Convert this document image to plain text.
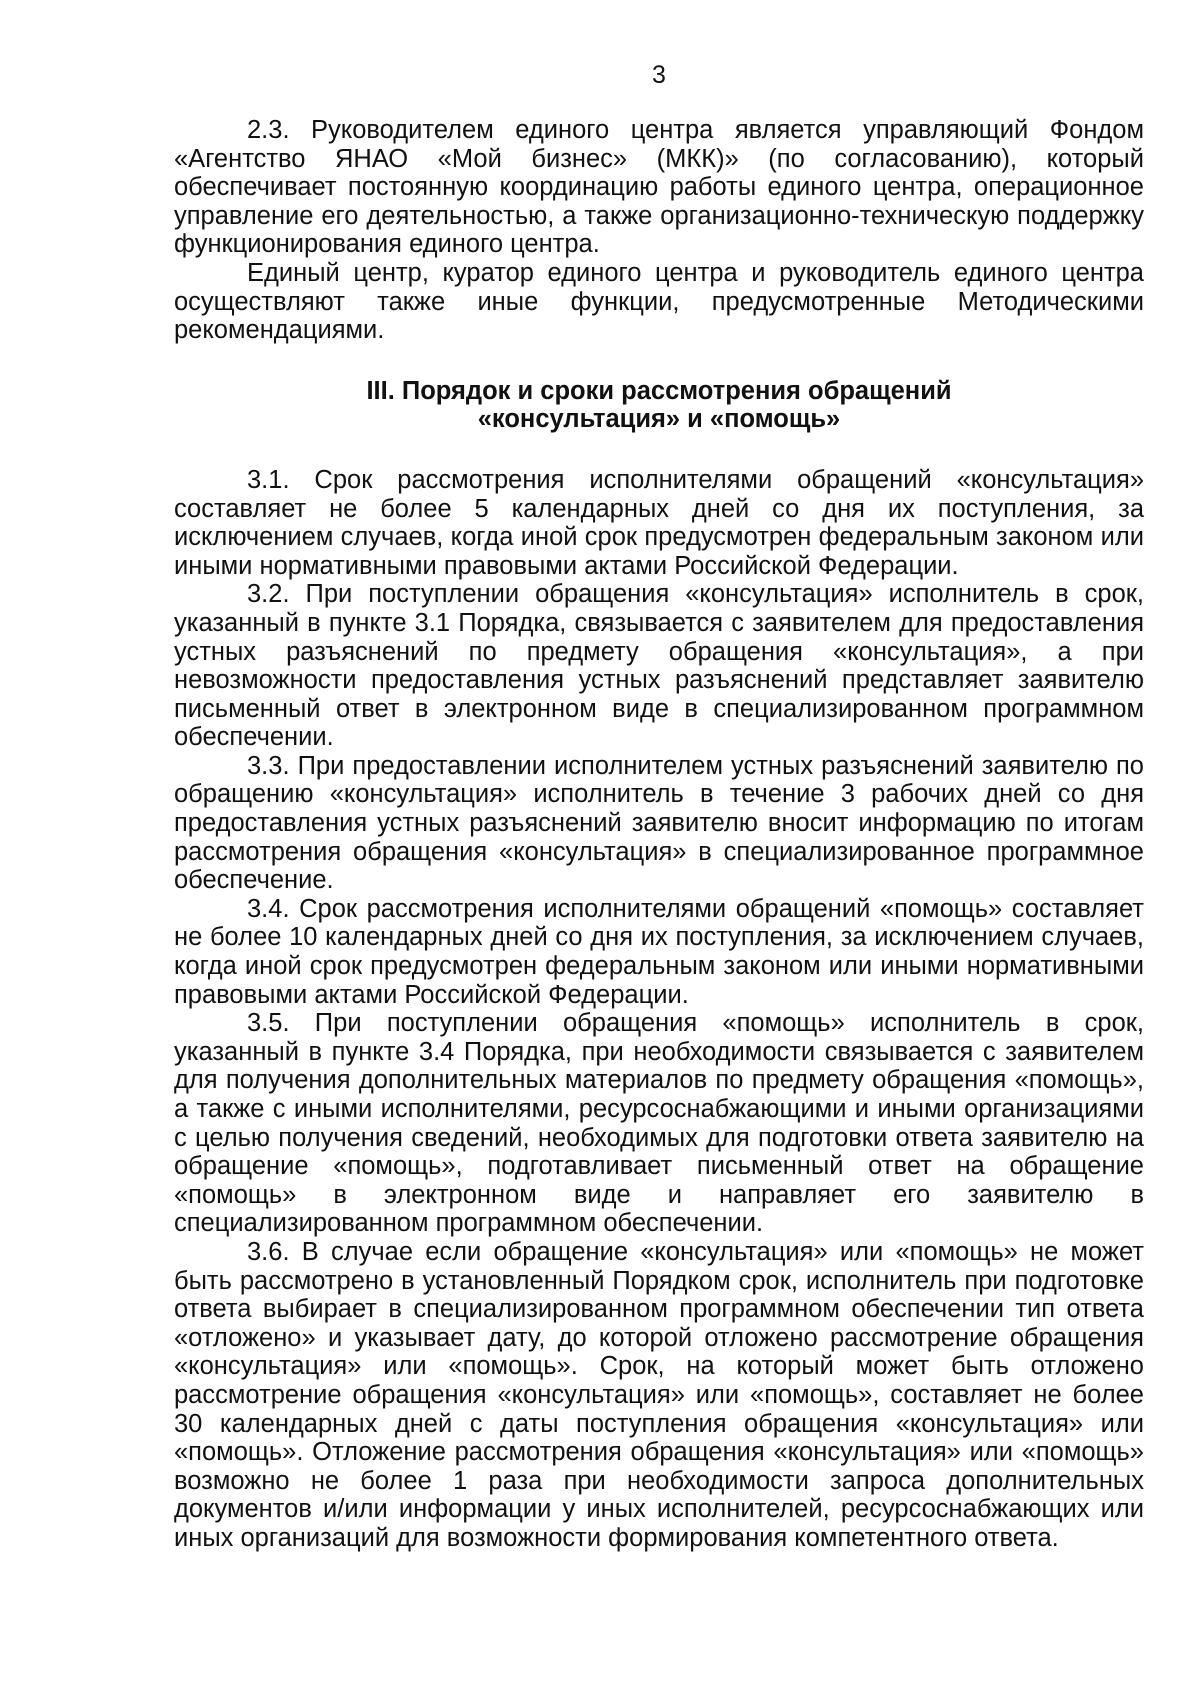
3

2.3. Руководителем единого центра является управляющий Фондом «Агентство ЯНАО «Мой бизнес» (МКК)» (по согласованию), который обеспечивает постоянную координацию работы единого центра, операционное управление его деятельностью, а также организационно-техническую поддержку функционирования единого центра.

Единый центр, куратор единого центра и руководитель единого центра осуществляют также иные функции, предусмотренные Методическими рекомендациями.

III. Порядок и сроки рассмотрения обращений
«консультация» и «помощь»

3.1. Срок рассмотрения исполнителями обращений «консультация» составляет не более 5 календарных дней со дня их поступления, за исключением случаев, когда иной срок предусмотрен федеральным законом или иными нормативными правовыми актами Российской Федерации.

3.2. При поступлении обращения «консультация» исполнитель в срок, указанный в пункте 3.1 Порядка, связывается с заявителем для предоставления устных разъяснений по предмету обращения «консультация», а при невозможности предоставления устных разъяснений представляет заявителю письменный ответ в электронном виде в специализированном программном обеспечении.

3.3. При предоставлении исполнителем устных разъяснений заявителю по обращению «консультация» исполнитель в течение 3 рабочих дней со дня предоставления устных разъяснений заявителю вносит информацию по итогам рассмотрения обращения «консультация» в специализированное программное обеспечение.

3.4. Срок рассмотрения исполнителями обращений «помощь» составляет не более 10 календарных дней со дня их поступления, за исключением случаев, когда иной срок предусмотрен федеральным законом или иными нормативными правовыми актами Российской Федерации.

3.5. При поступлении обращения «помощь» исполнитель в срок, указанный в пункте 3.4 Порядка, при необходимости связывается с заявителем для получения дополнительных материалов по предмету обращения «помощь», а также с иными исполнителями, ресурсоснабжающими и иными организациями с целью получения сведений, необходимых для подготовки ответа заявителю на обращение «помощь», подготавливает письменный ответ на обращение «помощь» в электронном виде и направляет его заявителю в специализированном программном обеспечении.

3.6. В случае если обращение «консультация» или «помощь» не может быть рассмотрено в установленный Порядком срок, исполнитель при подготовке ответа выбирает в специализированном программном обеспечении тип ответа «отложено» и указывает дату, до которой отложено рассмотрение обращения «консультация» или «помощь». Срок, на который может быть отложено рассмотрение обращения «консультация» или «помощь», составляет не более 30 календарных дней с даты поступления обращения «консультация» или «помощь». Отложение рассмотрения обращения «консультация» или «помощь» возможно не более 1 раза при необходимости запроса дополнительных документов и/или информации у иных исполнителей, ресурсоснабжающих или иных организаций для возможности формирования компетентного ответа.
